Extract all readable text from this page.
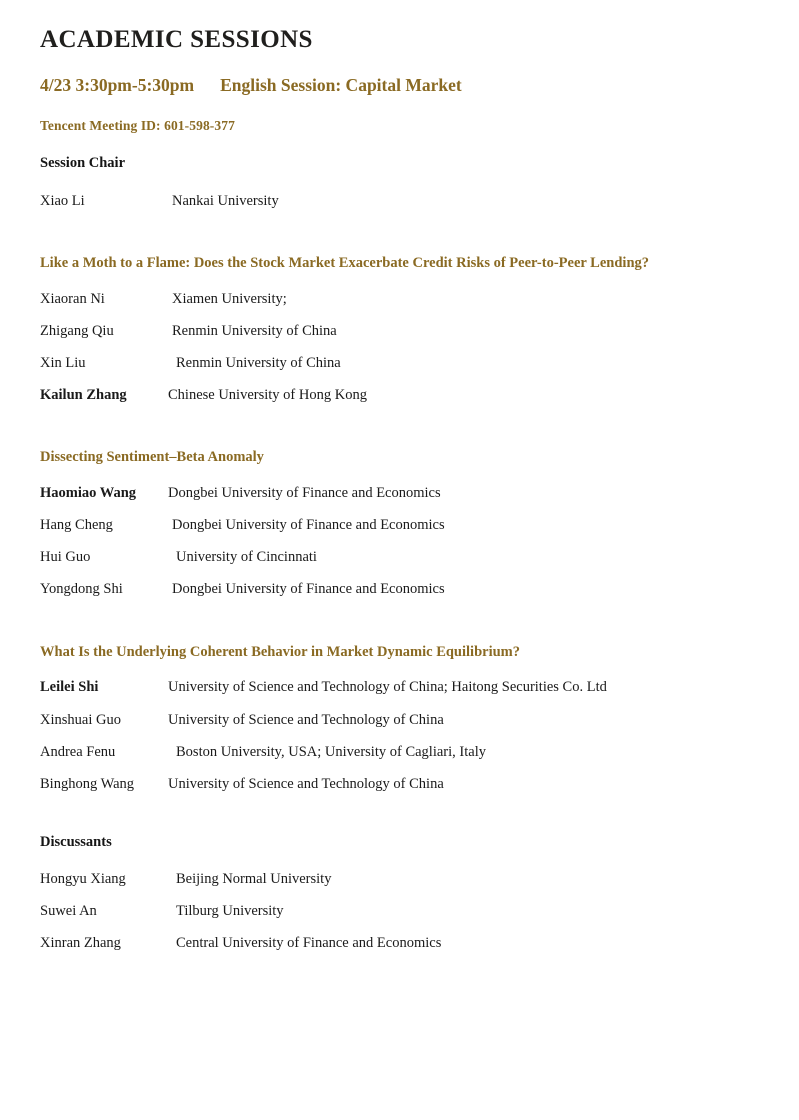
ACADEMIC SESSIONS
4/23 3:30pm-5:30pm English Session: Capital Market
Tencent Meeting ID: 601-598-377
Session Chair
Xiao Li	Nankai University
Like a Moth to a Flame: Does the Stock Market Exacerbate Credit Risks of Peer-to-Peer Lending?
Xiaoran Ni	Xiamen University;
Zhigang Qiu	Renmin University of China
Xin Liu	Renmin University of China
Kailun Zhang	Chinese University of Hong Kong
Dissecting Sentiment–Beta Anomaly
Haomiao Wang	Dongbei University of Finance and Economics
Hang Cheng	Dongbei University of Finance and Economics
Hui Guo	University of Cincinnati
Yongdong Shi	Dongbei University of Finance and Economics
What Is the Underlying Coherent Behavior in Market Dynamic Equilibrium?
Leilei Shi	University of Science and Technology of China; Haitong Securities Co. Ltd
Xinshuai Guo	University of Science and Technology of China
Andrea Fenu	Boston University, USA; University of Cagliari, Italy
Binghong Wang	University of Science and Technology of China
Discussants
Hongyu Xiang	Beijing Normal University
Suwei An	Tilburg University
Xinran Zhang	Central University of Finance and Economics
